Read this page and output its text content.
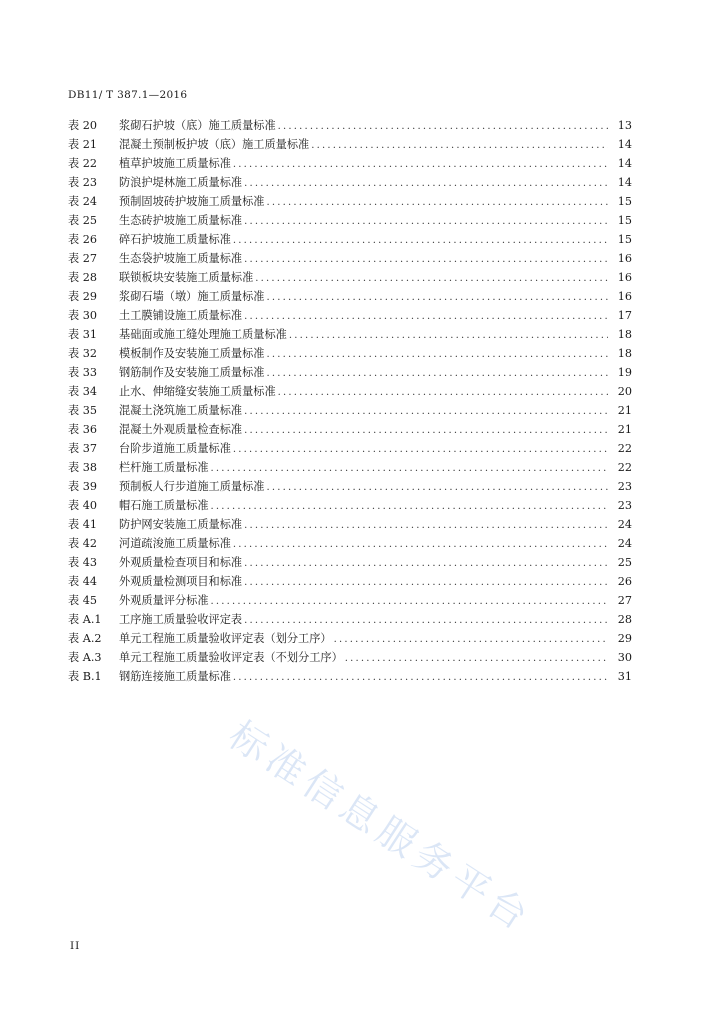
DB11/ T 387.1—2016
表 20	浆砌石护坡（底）施工质量标准 .....	13
表 21	混凝土预制板护坡（底）施工质量标准 .....	14
表 22	植草护坡施工质量标准 .....	14
表 23	防浪护堤林施工质量标准 .....	14
表 24	预制固坡砖护坡施工质量标准 .....	15
表 25	生态砖护坡施工质量标准 .....	15
表 26	碎石护坡施工质量标准 .....	15
表 27	生态袋护坡施工质量标准 .....	16
表 28	联锁板块安装施工质量标准 .....	16
表 29	浆砌石墙（墩）施工质量标准 .....	16
表 30	土工膜铺设施工质量标准 .....	17
表 31	基础面或施工缝处理施工质量标准 .....	18
表 32	模板制作及安装施工质量标准 .....	18
表 33	钢筋制作及安装施工质量标准 .....	19
表 34	止水、伸缩缝安装施工质量标准 .....	20
表 35	混凝土浇筑施工质量标准 .....	21
表 36	混凝土外观质量检查标准 .....	21
表 37	台阶步道施工质量标准 .....	22
表 38	栏杆施工质量标准 .....	22
表 39	预制板人行步道施工质量标准 .....	23
表 40	帽石施工质量标准 .....	23
表 41	防护网安装施工质量标准 .....	24
表 42	河道疏浚施工质量标准 .....	24
表 43	外观质量检查项目和标准 .....	25
表 44	外观质量检测项目和标准 .....	26
表 45	外观质量评分标准 .....	27
表 A.1	工序施工质量验收评定表 .....	28
表 A.2	单元工程施工质量验收评定表（划分工序） .....	29
表 A.3	单元工程施工质量验收评定表（不划分工序） .....	30
表 B.1	钢筋连接施工质量标准 .....	31
标准信息服务平台
II
